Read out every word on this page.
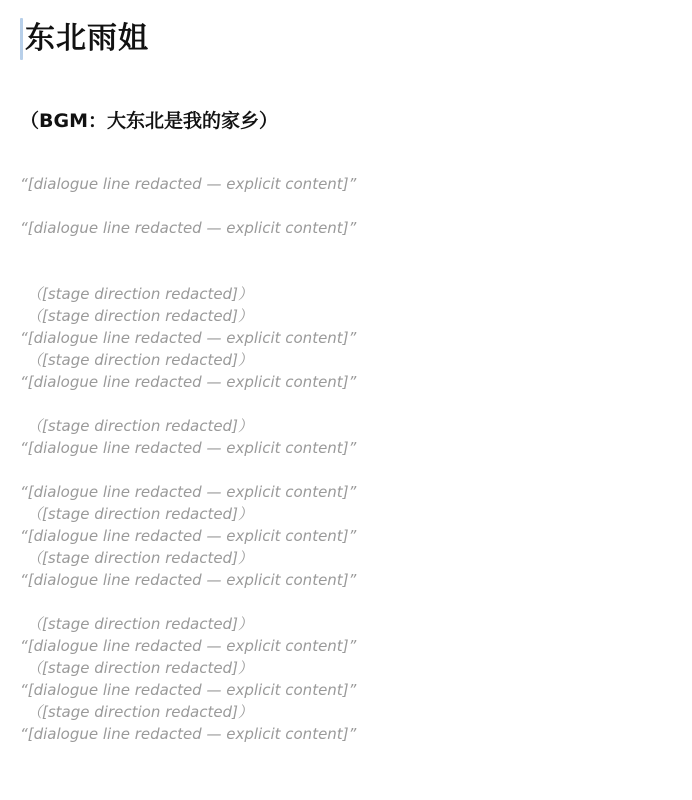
东北雨姐
（BGM：大东北是我的家乡）
“[dialogue line redacted — explicit content]”
“[dialogue line redacted — explicit content]”
（[stage direction redacted]）
（[stage direction redacted]）
“[dialogue line redacted — explicit content]”
（[stage direction redacted]）
“[dialogue line redacted — explicit content]”
（[stage direction redacted]）
“[dialogue line redacted — explicit content]”
“[dialogue line redacted — explicit content]”
（[stage direction redacted]）
“[dialogue line redacted — explicit content]”
（[stage direction redacted]）
“[dialogue line redacted — explicit content]”
（[stage direction redacted]）
“[dialogue line redacted — explicit content]”
（[stage direction redacted]）
“[dialogue line redacted — explicit content]”
（[stage direction redacted]）
“[dialogue line redacted — explicit content]”
